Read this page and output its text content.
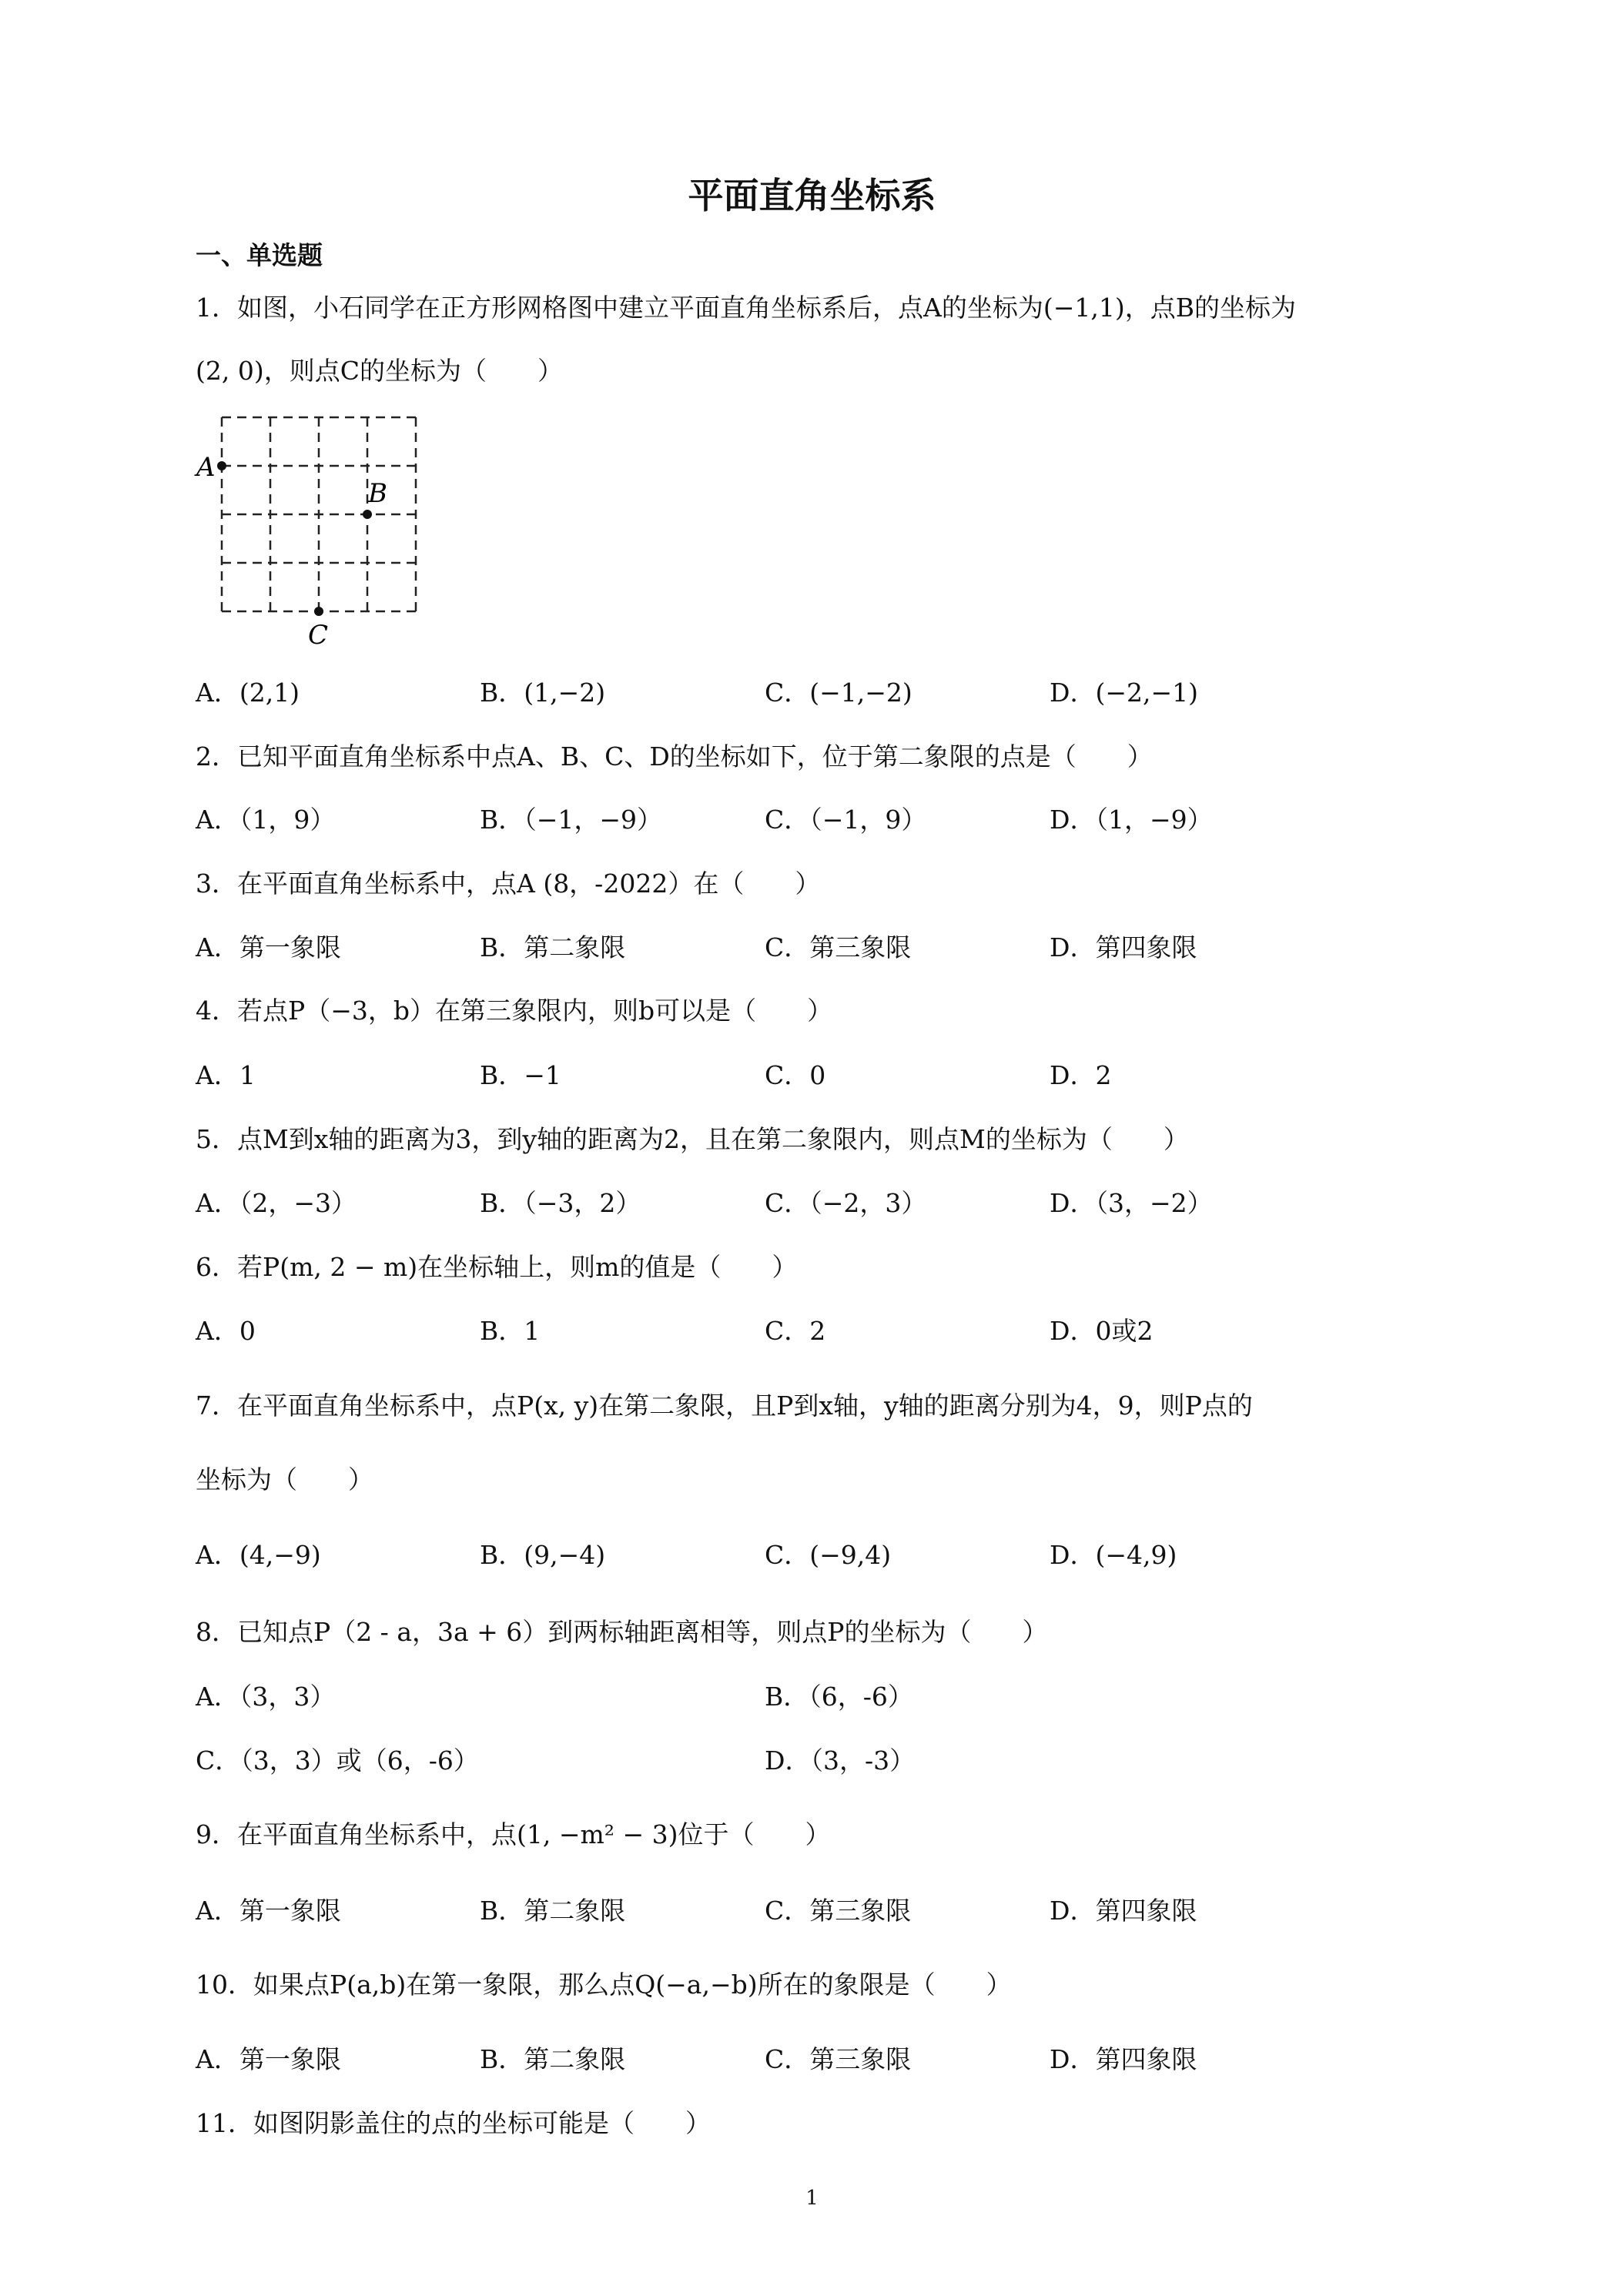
平面直角坐标系
一、单选题
1．如图，小石同学在正方形网格图中建立平面直角坐标系后，点A的坐标为(−1,1)，点B的坐标为
(2, 0)，则点C的坐标为（　　）
A
B
C
A．(2,1)	B．(1,−2)	C．(−1,−2)	D．(−2,−1)
2．已知平面直角坐标系中点A、B、C、D的坐标如下，位于第二象限的点是（　　）
A．（1，9）	B．（−1，−9）	C．（−1，9）	D．（1，−9）
3．在平面直角坐标系中，点A (8，-2022）在（　　）
A．第一象限	B．第二象限	C．第三象限	D．第四象限
4．若点P（−3，b）在第三象限内，则b可以是（　　）
A．1	B．−1	C．0	D．2
5．点M到x轴的距离为3，到y轴的距离为2，且在第二象限内，则点M的坐标为（　　）
A．（2，−3）	B．（−3，2）	C．（−2，3）	D．（3，−2）
6．若P(m, 2 − m)在坐标轴上，则m的值是（　　）
A．0	B．1	C．2	D．0或2
7．在平面直角坐标系中，点P(x, y)在第二象限，且P到x轴，y轴的距离分别为4，9，则P点的
坐标为（　　）
A．(4,−9)	B．(9,−4)	C．(−9,4)	D．(−4,9)
8．已知点P（2 - a，3a + 6）到两标轴距离相等，则点P的坐标为（　　）
A．（3，3）	B．（6，-6）
C．（3，3）或（6，-6）	D．（3，-3）
9．在平面直角坐标系中，点(1, −m² − 3)位于（　　）
A．第一象限	B．第二象限	C．第三象限	D．第四象限
10．如果点P(a,b)在第一象限，那么点Q(−a,−b)所在的象限是（　　）
A．第一象限	B．第二象限	C．第三象限	D．第四象限
11．如图阴影盖住的点的坐标可能是（　　）
1
